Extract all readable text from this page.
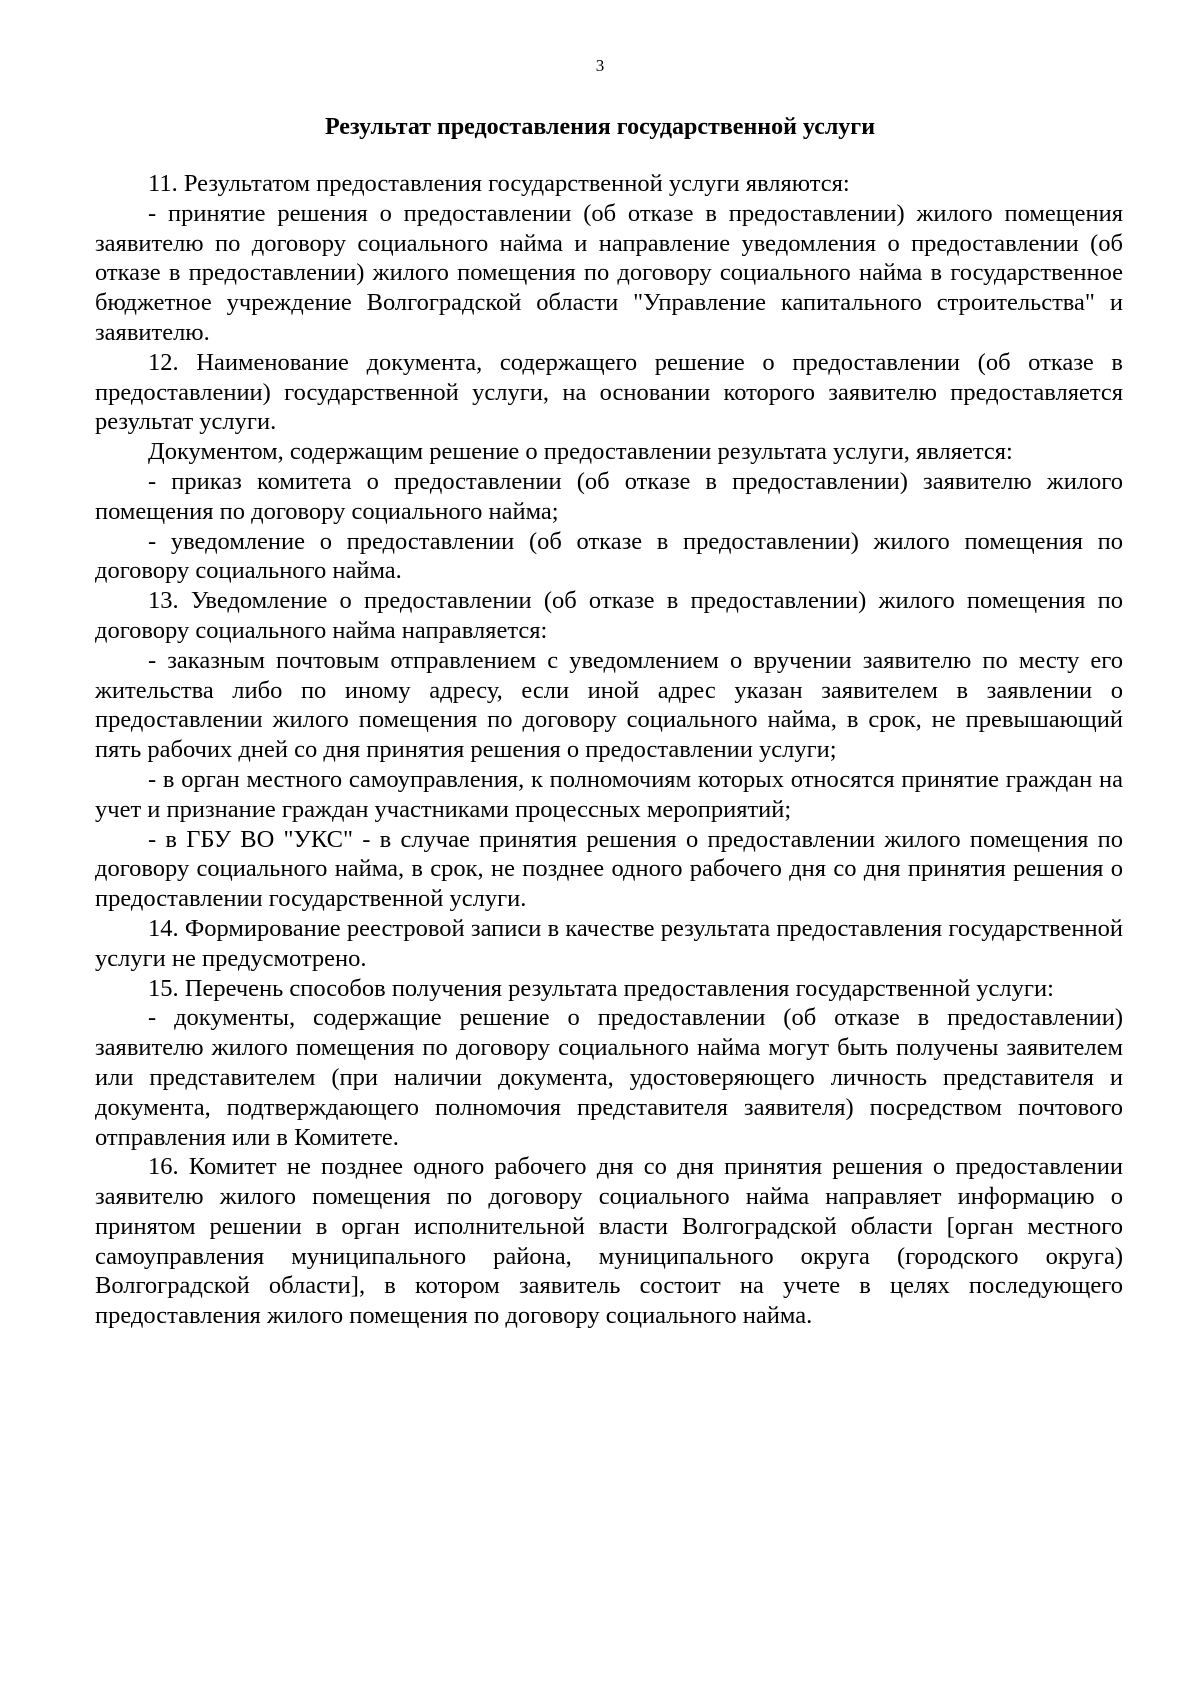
3
Результат предоставления государственной услуги

11. Результатом предоставления государственной услуги являются:

- принятие решения о предоставлении (об отказе в предоставлении) жилого помещения заявителю по договору социального найма и направление уведомления о предоставлении (об отказе в предоставлении) жилого помещения по договору социального найма в государственное бюджетное учреждение Волгоградской области "Управление капитального строительства" и заявителю.

12. Наименование документа, содержащего решение о предоставлении (об отказе в предоставлении) государственной услуги, на основании которого заявителю предоставляется результат услуги.

Документом, содержащим решение о предоставлении результата услуги, является:

- приказ комитета о предоставлении (об отказе в предоставлении) заявителю жилого помещения по договору социального найма;

- уведомление о предоставлении (об отказе в предоставлении) жилого помещения по договору социального найма.

13. Уведомление о предоставлении (об отказе в предоставлении) жилого помещения по договору социального найма направляется:

- заказным почтовым отправлением с уведомлением о вручении заявителю по месту его жительства либо по иному адресу, если иной адрес указан заявителем в заявлении о предоставлении жилого помещения по договору социального найма, в срок, не превышающий пять рабочих дней со дня принятия решения о предоставлении услуги;

- в орган местного самоуправления, к полномочиям которых относятся принятие граждан на учет и признание граждан участниками процессных мероприятий;

- в ГБУ ВО "УКС" - в случае принятия решения о предоставлении жилого помещения по договору социального найма, в срок, не позднее одного рабочего дня со дня принятия решения о предоставлении государственной услуги.

14. Формирование реестровой записи в качестве результата предоставления государственной услуги не предусмотрено.

15. Перечень способов получения результата предоставления государственной услуги:

- документы, содержащие решение о предоставлении (об отказе в предоставлении) заявителю жилого помещения по договору социального найма могут быть получены заявителем или представителем (при наличии документа, удостоверяющего личность представителя и документа, подтверждающего полномочия представителя заявителя) посредством почтового отправления или в Комитете.

16. Комитет не позднее одного рабочего дня со дня принятия решения о предоставлении заявителю жилого помещения по договору социального найма направляет информацию о принятом решении в орган исполнительной власти Волгоградской области [орган местного самоуправления муниципального района, муниципального округа (городского округа) Волгоградской области], в котором заявитель состоит на учете в целях последующего предоставления жилого помещения по договору социального найма.
